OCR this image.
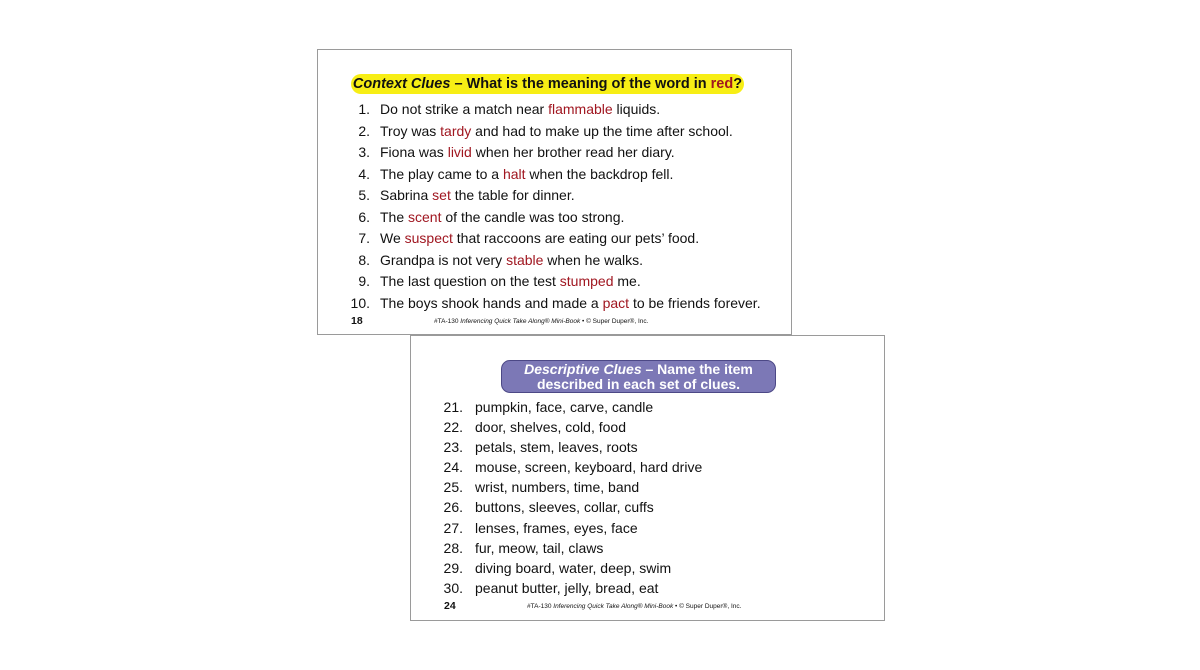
Context Clues – What is the meaning of the word in red?
1. Do not strike a match near flammable liquids.
2. Troy was tardy and had to make up the time after school.
3. Fiona was livid when her brother read her diary.
4. The play came to a halt when the backdrop fell.
5. Sabrina set the table for dinner.
6. The scent of the candle was too strong.
7. We suspect that raccoons are eating our pets’ food.
8. Grandpa is not very stable when he walks.
9. The last question on the test stumped me.
10. The boys shook hands and made a pact to be friends forever.
18	#TA-130 Inferencing Quick Take Along® Mini-Book • © Super Duper®, Inc.
Descriptive Clues – Name the item
described in each set of clues.
21. pumpkin, face, carve, candle
22. door, shelves, cold, food
23. petals, stem, leaves, roots
24. mouse, screen, keyboard, hard drive
25. wrist, numbers, time, band
26. buttons, sleeves, collar, cuffs
27. lenses, frames, eyes, face
28. fur, meow, tail, claws
29. diving board, water, deep, swim
30. peanut butter, jelly, bread, eat
24	#TA-130 Inferencing Quick Take Along® Mini-Book • © Super Duper®, Inc.
